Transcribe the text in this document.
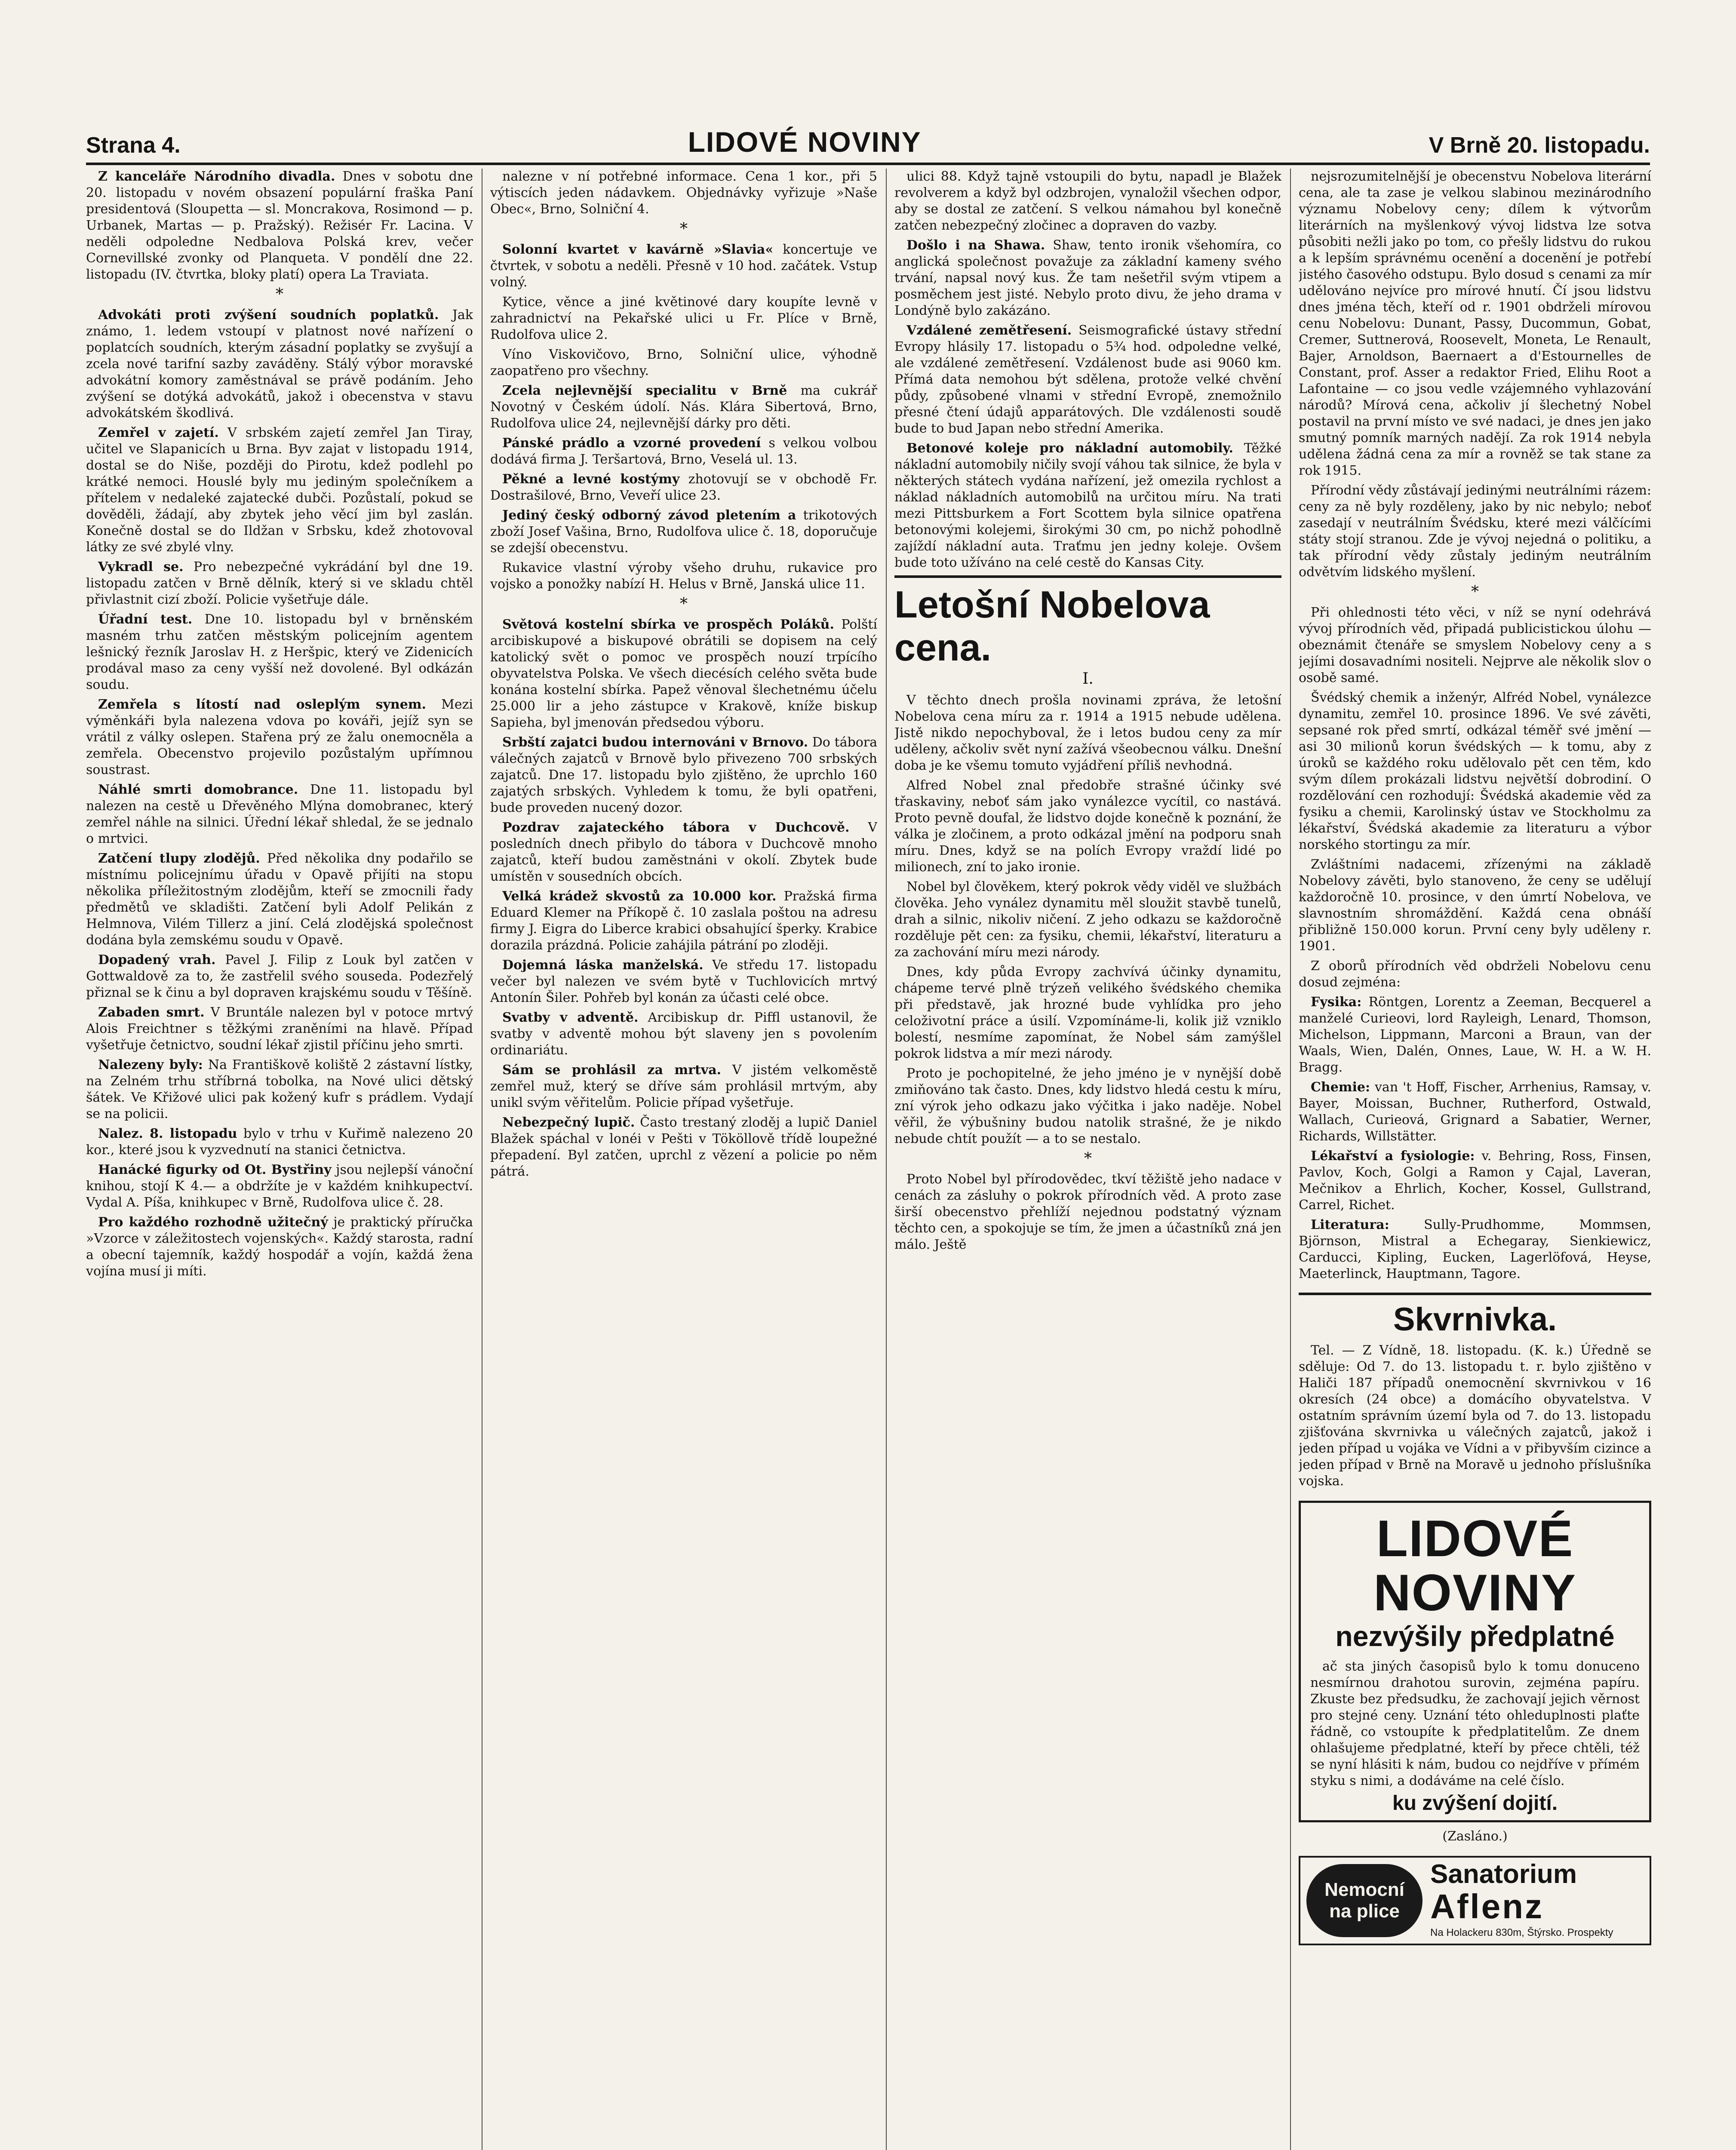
Strana 4.	LIDOVÉ NOVINY	V Brně 20. listopadu.

Z kanceláře Národního divadla. Dnes v sobotu dne 20. listopadu v novém obsazení populární fraška Paní presidentová (Sloupetta — sl. Moncrakova, Rosimond — p. Urbanek, Martas — p. Pražský). Režisér Fr. Lacina. V neděli odpoledne Nedbalova Polská krev, večer Cornevillské zvonky od Planqueta. V pondělí dne 22. listopadu (IV. čtvrtka, bloky platí) opera La Traviata.

*

Advokáti proti zvýšení soudních poplatků. Jak známo, 1. ledem vstoupí v platnost nové nařízení o poplatcích soudních, kterým zásadní poplatky se zvyšují a zcela nové tarifní sazby zaváděny. Stálý výbor moravské advokátní komory zaměstnával se právě podáním. Jeho zvýšení se dotýká advokátů, jakož i obecenstva v stavu advokátském škodlivá.

Zemřel v zajetí. V srbském zajetí zemřel Jan Tiray, učitel ve Slapanicích u Brna. Byv zajat v listopadu 1914, dostal se do Niše, později do Pirotu, kdež podlehl po krátké nemoci. Houslé byly mu jediným společníkem a přítelem v nedaleké zajatecké dubči. Pozůstalí, pokud se dověděli, žádají, aby zbytek jeho věcí jim byl zaslán. Konečně dostal se do Ildžan v Srbsku, kdež zhotovoval látky ze své zbylé vlny.

Vykradl se. Pro nebezpečné vykrádání byl dne 19. listopadu zatčen v Brně dělník, který si ve skladu chtěl přivlastnit cizí zboží. Policie vyšetřuje dále.

Úřadní test. Dne 10. listopadu byl v brněnském masném trhu zatčen městským policejním agentem lešnický řezník Jaroslav H. z Heršpic, který ve Zidenicích prodával maso za ceny vyšší než dovolené. Byl odkázán soudu.

Zemřela s lítostí nad osleplým synem. Mezi výměnkáři byla nalezena vdova po kováři, jejíž syn se vrátil z války oslepen. Stařena prý ze žalu onemocněla a zemřela. Obecenstvo projevilo pozůstalým upřímnou soustrast.

Náhlé smrti domobrance. Dne 11. listopadu byl nalezen na cestě u Dřevěného Mlýna domobranec, který zemřel náhle na silnici. Úřední lékař shledal, že se jednalo o mrtvici.

Zatčení tlupy zlodějů. Před několika dny podařilo se místnímu policejnímu úřadu v Opavě přijíti na stopu několika příležitostným zlodějům, kteří se zmocnili řady předmětů ve skladišti. Zatčení byli Adolf Pelikán z Helmnova, Vilém Tillerz a jiní. Celá zlodějská společnost dodána byla zemskému soudu v Opavě.

Dopadený vrah. Pavel J. Filip z Louk byl zatčen v Gottwaldově za to, že zastřelil svého souseda. Podezřelý přiznal se k činu a byl dopraven krajskému soudu v Těšíně.

Zabaden smrt. V Bruntále nalezen byl v potoce mrtvý Alois Freichtner s těžkými zraněními na hlavě. Případ vyšetřuje četnictvo, soudní lékař zjistil příčinu jeho smrti.

Nalezeny byly: Na Františkově koliště 2 zástavní lístky, na Zelném trhu stříbrná tobolka, na Nové ulici dětský šátek. Ve Křižové ulici pak kožený kufr s prádlem. Vydají se na policii.

Nalez. 8. listopadu bylo v trhu v Kuřimě nalezeno 20 kor., které jsou k vyzvednutí na stanici četnictva.

Hanácké figurky od Ot. Bystřiny jsou nejlepší vánoční knihou, stojí K 4.— a obdržíte je v každém knihkupectví. Vydal A. Píša, knihkupec v Brně, Rudolfova ulice č. 28.

Pro každého rozhodně užitečný je praktický příručka »Vzorce v záležitostech vojenských«. Každý starosta, radní a obecní tajemník, každý hospodář a vojín, každá žena vojína musí ji míti.

nalezne v ní potřebné informace. Cena 1 kor., při 5 výtiscích jeden nádavkem. Objednávky vyřizuje »Naše Obec«, Brno, Solniční 4.

*

Solonní kvartet v kavárně »Slavia« koncertuje ve čtvrtek, v sobotu a neděli. Přesně v 10 hod. začátek. Vstup volný.

Kytice, věnce a jiné květinové dary koupíte levně v zahradnictví na Pekařské ulici u Fr. Plíce v Brně, Rudolfova ulice 2.

Víno Viskovičovo, Brno, Solniční ulice, výhodně zaopatřeno pro všechny.

Zcela nejlevnější specialitu v Brně ma cukrář Novotný v Českém údolí. Nás. Klára Sibertová, Brno, Rudolfova ulice 24, nejlevnější dárky pro děti.

Pánské prádlo a vzorné provedení s velkou volbou dodává firma J. Teršartová, Brno, Veselá ul. 13.

Pěkné a levné kostýmy zhotovují se v obchodě Fr. Dostrašilové, Brno, Veveří ulice 23.

Jediný český odborný závod pletením a trikotových zboží Josef Vašina, Brno, Rudolfova ulice č. 18, doporučuje se zdejší obecenstvu.

Rukavice vlastní výroby všeho druhu, rukavice pro vojsko a ponožky nabízí H. Helus v Brně, Janská ulice 11.

*

Světová kostelní sbírka ve prospěch Poláků. Polští arcibiskupové a biskupové obrátili se dopisem na celý katolický svět o pomoc ve prospěch nouzí trpícího obyvatelstva Polska. Ve všech diecésích celého světa bude konána kostelní sbírka. Papež věnoval šlechetnému účelu 25.000 lir a jeho zástupce v Krakově, kníže biskup Sapieha, byl jmenován předsedou výboru.

Srbští zajatci budou internováni v Brnovo. Do tábora válečných zajatců v Brnově bylo přivezeno 700 srbských zajatců. Dne 17. listopadu bylo zjištěno, že uprchlo 160 zajatých srbských. Vyhledem k tomu, že byli opatřeni, bude proveden nucený dozor.

Pozdrav zajateckého tábora v Duchcově. V posledních dnech přibylo do tábora v Duchcově mnoho zajatců, kteří budou zaměstnáni v okolí. Zbytek bude umístěn v sousedních obcích.

Velká krádež skvostů za 10.000 kor. Pražská firma Eduard Klemer na Příkopě č. 10 zaslala poštou na adresu firmy J. Eigra do Liberce krabici obsahující šperky. Krabice dorazila prázdná. Policie zahájila pátrání po zloději.

Dojemná láska manželská. Ve středu 17. listopadu večer byl nalezen ve svém bytě v Tuchlovicích mrtvý Antonín Šiler. Pohřeb byl konán za účasti celé obce.

Svatby v adventě. Arcibiskup dr. Piffl ustanovil, že svatby v adventě mohou být slaveny jen s povolením ordinariátu.

Sám se prohlásil za mrtva. V jistém velkoměstě zemřel muž, který se dříve sám prohlásil mrtvým, aby unikl svým věřitelům. Policie případ vyšetřuje.

Nebezpečný lupič. Často trestaný zloděj a lupič Daniel Blažek spáchal v lonéi v Pešti v Tököllově třídě loupežné přepadení. Byl zatčen, uprchl z vězení a policie po něm pátrá.

ulici 88. Když tajně vstoupili do bytu, napadl je Blažek revolverem a když byl odzbrojen, vynaložil všechen odpor, aby se dostal ze zatčení. S velkou námahou byl konečně zatčen nebezpečný zločinec a dopraven do vazby.

Došlo i na Shawa. Shaw, tento ironik všehomíra, co anglická společnost považuje za základní kameny svého trvání, napsal nový kus. Že tam nešetřil svým vtipem a posměchem jest jisté. Nebylo proto divu, že jeho drama v Londýně bylo zakázáno.

Vzdálené zemětřesení. Seismografické ústavy střední Evropy hlásily 17. listopadu o 5¾ hod. odpoledne velké, ale vzdálené zemětřesení. Vzdálenost bude asi 9060 km. Přímá data nemohou být sdělena, protože velké chvění půdy, způsobené vlnami v střední Evropě, znemožnilo přesné čtení údajů apparátových. Dle vzdálenosti soudě bude to bud Japan nebo střední Amerika.

Betonové koleje pro nákladní automobily. Těžké nákladní automobily ničily svojí váhou tak silnice, že byla v některých státech vydána nařízení, jež omezila rychlost a náklad nákladních automobilů na určitou míru. Na trati mezi Pittsburkem a Fort Scottem byla silnice opatřena betonovými kolejemi, širokými 30 cm, po nichž pohodlně zajíždí nákladní auta. Traťmu jen jedny koleje. Ovšem bude toto užíváno na celé cestě do Kansas City.

Letošní Nobelova cena.
I.

V těchto dnech prošla novinami zpráva, že letošní Nobelova cena míru za r. 1914 a 1915 nebude udělena. Jistě nikdo nepochyboval, že i letos budou ceny za mír uděleny, ačkoliv svět nyní zažívá všeobecnou válku. Dnešní doba je ke všemu tomuto vyjádření příliš nevhodná.

Alfred Nobel znal předobře strašné účinky své třaskaviny, neboť sám jako vynálezce vycítil, co nastává. Proto pevně doufal, že lidstvo dojde konečně k poznání, že válka je zločinem, a proto odkázal jmění na podporu snah míru. Dnes, když se na polích Evropy vraždí lidé po milionech, zní to jako ironie.

Nobel byl člověkem, který pokrok vědy viděl ve službách člověka. Jeho vynález dynamitu měl sloužit stavbě tunelů, drah a silnic, nikoliv ničení. Z jeho odkazu se každoročně rozděluje pět cen: za fysiku, chemii, lékařství, literaturu a za zachování míru mezi národy.

Dnes, kdy půda Evropy zachvívá účinky dynamitu, chápeme tervé plně trýzeň velikého švédského chemika při představě, jak hrozné bude vyhlídka pro jeho celoživotní práce a úsilí. Vzpomínáme-li, kolik již vzniklo bolestí, nesmíme zapomínat, že Nobel sám zamýšlel pokrok lidstva a mír mezi národy.

Proto je pochopitelné, že jeho jméno je v nynější době zmiňováno tak často. Dnes, kdy lidstvo hledá cestu k míru, zní výrok jeho odkazu jako výčitka i jako naděje. Nobel věřil, že výbušniny budou natolik strašné, že je nikdo nebude chtít použít — a to se nestalo.

*

Proto Nobel byl přírodovědec, tkví těžiště jeho nadace v cenách za zásluhy o pokrok přírodních věd. A proto zase širší obecenstvo přehlíží nejednou podstatný význam těchto cen, a spokojuje se tím, že jmen a účastníků zná jen málo. Ještě

nejsrozumitelnější je obecenstvu Nobelova literární cena, ale ta zase je velkou slabinou mezinárodního významu Nobelovy ceny; dílem k výtvorům literárních na myšlenkový vývoj lidstva lze sotva působiti nežli jako po tom, co přešly lidstvu do rukou a k lepším správnému ocenění a docenění je potřebí jistého časového odstupu. Bylo dosud s cenami za mír udělováno nejvíce pro mírové hnutí. Čí jsou lidstvu dnes jména těch, kteří od r. 1901 obdrželi mírovou cenu Nobelovu: Dunant, Passy, Ducommun, Gobat, Cremer, Suttnerová, Roosevelt, Moneta, Le Renault, Bajer, Arnoldson, Baernaert a d'Estournelles de Constant, prof. Asser a redaktor Fried, Elihu Root a Lafontaine — co jsou vedle vzájemného vyhlazování národů? Mírová cena, ačkoliv jí šlechetný Nobel postavil na první místo ve své nadaci, je dnes jen jako smutný pomník marných nadějí. Za rok 1914 nebyla udělena žádná cena za mír a rovněž se tak stane za rok 1915.

Přírodní vědy zůstávají jedinými neutrálními rázem: ceny za ně byly rozděleny, jako by nic nebylo; neboť zasedají v neutrálním Švédsku, které mezi válčícími státy stojí stranou. Zde je vývoj nejedná o politiku, a tak přírodní vědy zůstaly jediným neutrálním odvětvím lidského myšlení.

*

Při ohlednosti této věci, v níž se nyní odehrává vývoj přírodních věd, připadá publicistickou úlohu — obeznámit čtenáře se smyslem Nobelovy ceny a s jejími dosavadními nositeli. Nejprve ale několik slov o osobě samé.

Švédský chemik a inženýr, Alfréd Nobel, vynálezce dynamitu, zemřel 10. prosince 1896. Ve své závěti, sepsané rok před smrtí, odkázal téměř své jmění — asi 30 milionů korun švédských — k tomu, aby z úroků se každého roku udělovalo pět cen těm, kdo svým dílem prokázali lidstvu největší dobrodiní. O rozdělování cen rozhodují: Švédská akademie věd za fysiku a chemii, Karolinský ústav ve Stockholmu za lékařství, Švédská akademie za literaturu a výbor norského stortingu za mír.

Zvláštními nadacemi, zřízenými na základě Nobelovy závěti, bylo stanoveno, že ceny se udělují každoročně 10. prosince, v den úmrtí Nobelova, ve slavnostním shromáždění. Každá cena obnáší přibližně 150.000 korun. První ceny byly uděleny r. 1901.

Z oborů přírodních věd obdrželi Nobelovu cenu dosud zejména:

Fysika: Röntgen, Lorentz a Zeeman, Becquerel a manželé Curieovi, lord Rayleigh, Lenard, Thomson, Michelson, Lippmann, Marconi a Braun, van der Waals, Wien, Dalén, Onnes, Laue, W. H. a W. H. Bragg.

Chemie: van 't Hoff, Fischer, Arrhenius, Ramsay, v. Bayer, Moissan, Buchner, Rutherford, Ostwald, Wallach, Curieová, Grignard a Sabatier, Werner, Richards, Willstätter.

Lékařství a fysiologie: v. Behring, Ross, Finsen, Pavlov, Koch, Golgi a Ramon y Cajal, Laveran, Mečnikov a Ehrlich, Kocher, Kossel, Gullstrand, Carrel, Richet.

Literatura:	Sully-Prudhomme, Mommsen, Björnson, Mistral a Echegaray, Sienkiewicz, Carducci, Kipling, Eucken, Lagerlöfová, Heyse, Maeterlinck, Hauptmann, Tagore.

Skvrnivka.

Tel. — Z Vídně, 18. listopadu. (K. k.) Úředně se sděluje: Od 7. do 13. listopadu t. r. bylo zjištěno v Haliči 187 případů onemocnění skvrnivkou v 16 okresích (24 obce) a domácího obyvatelstva. V ostatním správním území byla od 7. do 13. listopadu zjišťována skvrnivka u válečných zajatců, jakož i jeden případ u vojáka ve Vídni a v přibyvším cizince a jeden případ v Brně na Moravě u jednoho příslušníka vojska.

LIDOVÉ NOVINY
nezvýšily předplatné

ač sta jiných časopisů bylo k tomu donuceno nesmírnou drahotou surovin, zejména papíru. Zkuste bez předsudku, že zachovají jejich věrnost pro stejné ceny. Uznání této ohleduplnosti plaťte řádně, co vstoupíte k předplatitelům. Ze dnem ohlašujeme předplatné, kteří by přece chtěli, též se nyní hlásiti k nám, budou co nejdříve v přímém styku s nimi, a dodáváme na celé číslo.

ku zvýšení dojití.
(Zasláno.)
Nemocní
na plice
Sanatorium
Aflenz
Na Holackeru 830m, Štýrsko. Prospekty
